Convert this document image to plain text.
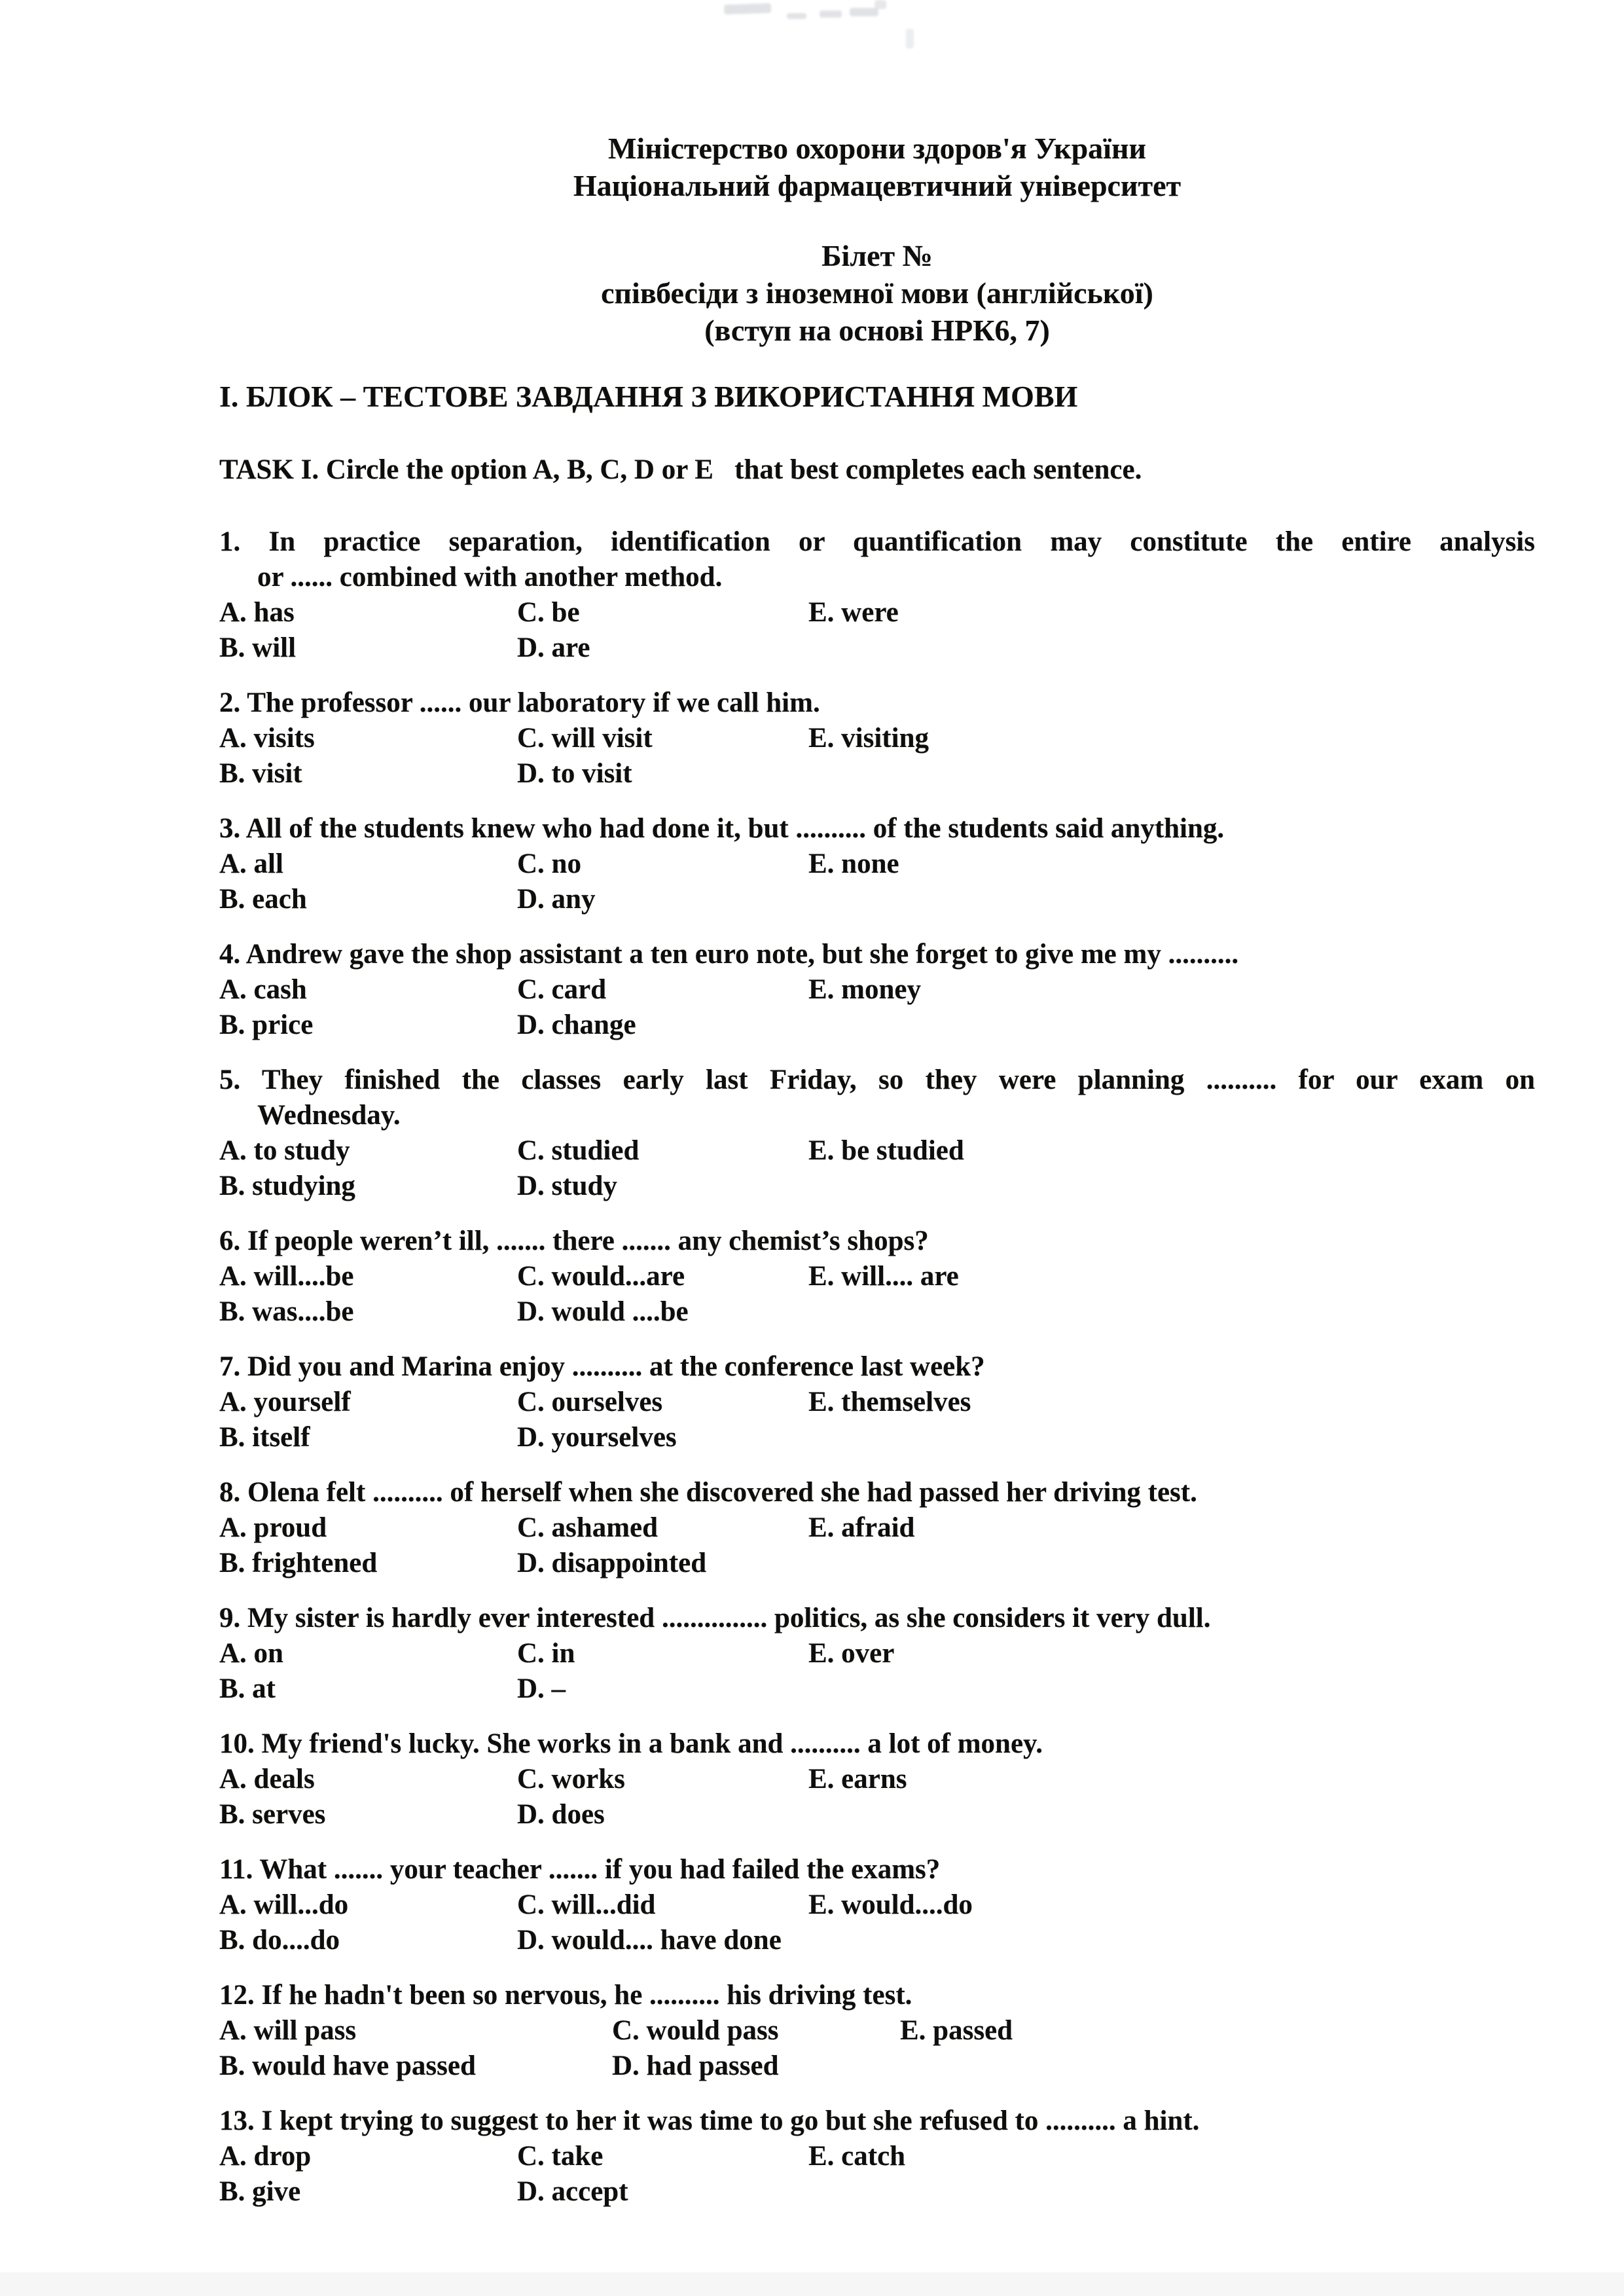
Міністерство охорони здоров'я України
Національний фармацевтичний університет
Білет №
співбесіди з іноземної мови (англійської)
(вступ на основі НРК6, 7)
І. БЛОК – ТЕСТОВЕ ЗАВДАННЯ З ВИКОРИСТАННЯ МОВИ
TASK I. Circle the option A, B, C, D or E   that best completes each sentence.
1. In practice separation, identification or quantification may constitute the entire analysis
or ...... combined with another method.
A. has	C. be	E. were
B. will	D. are
2. The professor ...... our laboratory if we call him.
A. visits	C. will visit	E. visiting
B. visit	D. to visit
3. All of the students knew who had done it, but .......... of the students said anything.
A. all	C. no	E. none
B. each	D. any
4. Andrew gave the shop assistant a ten euro note, but she forget to give me my ..........
A. cash	C. card	E. money
B. price	D. change
5. They finished the classes early last Friday, so they were planning .......... for our exam on
Wednesday.
A. to study	C. studied	E. be studied
B. studying	D. study
6. If people weren’t ill, ....... there ....... any chemist’s shops?
A. will....be	C. would...are	E. will.... are
B. was....be	D. would ....be
7. Did you and Marina enjoy .......... at the conference last week?
A. yourself	C. ourselves	E. themselves
B. itself	D. yourselves
8. Olena felt .......... of herself when she discovered she had passed her driving test.
A. proud	C. ashamed	E. afraid
B. frightened	D. disappointed
9. My sister is hardly ever interested ............... politics, as she considers it very dull.
A. on	C. in	E. over
B. at	D. –
10. My friend's lucky. She works in a bank and .......... a lot of money.
A. deals	C. works	E. earns
B. serves	D. does
11. What ....... your teacher ....... if you had failed the exams?
A. will...do	C. will...did	E. would....do
B. do....do	D. would.... have done
12. If he hadn't been so nervous, he .......... his driving test.
A. will pass	C. would pass	E. passed
B. would have passed	D. had passed
13. I kept trying to suggest to her it was time to go but she refused to .......... a hint.
A. drop	C. take	E. catch
B. give	D. accept
